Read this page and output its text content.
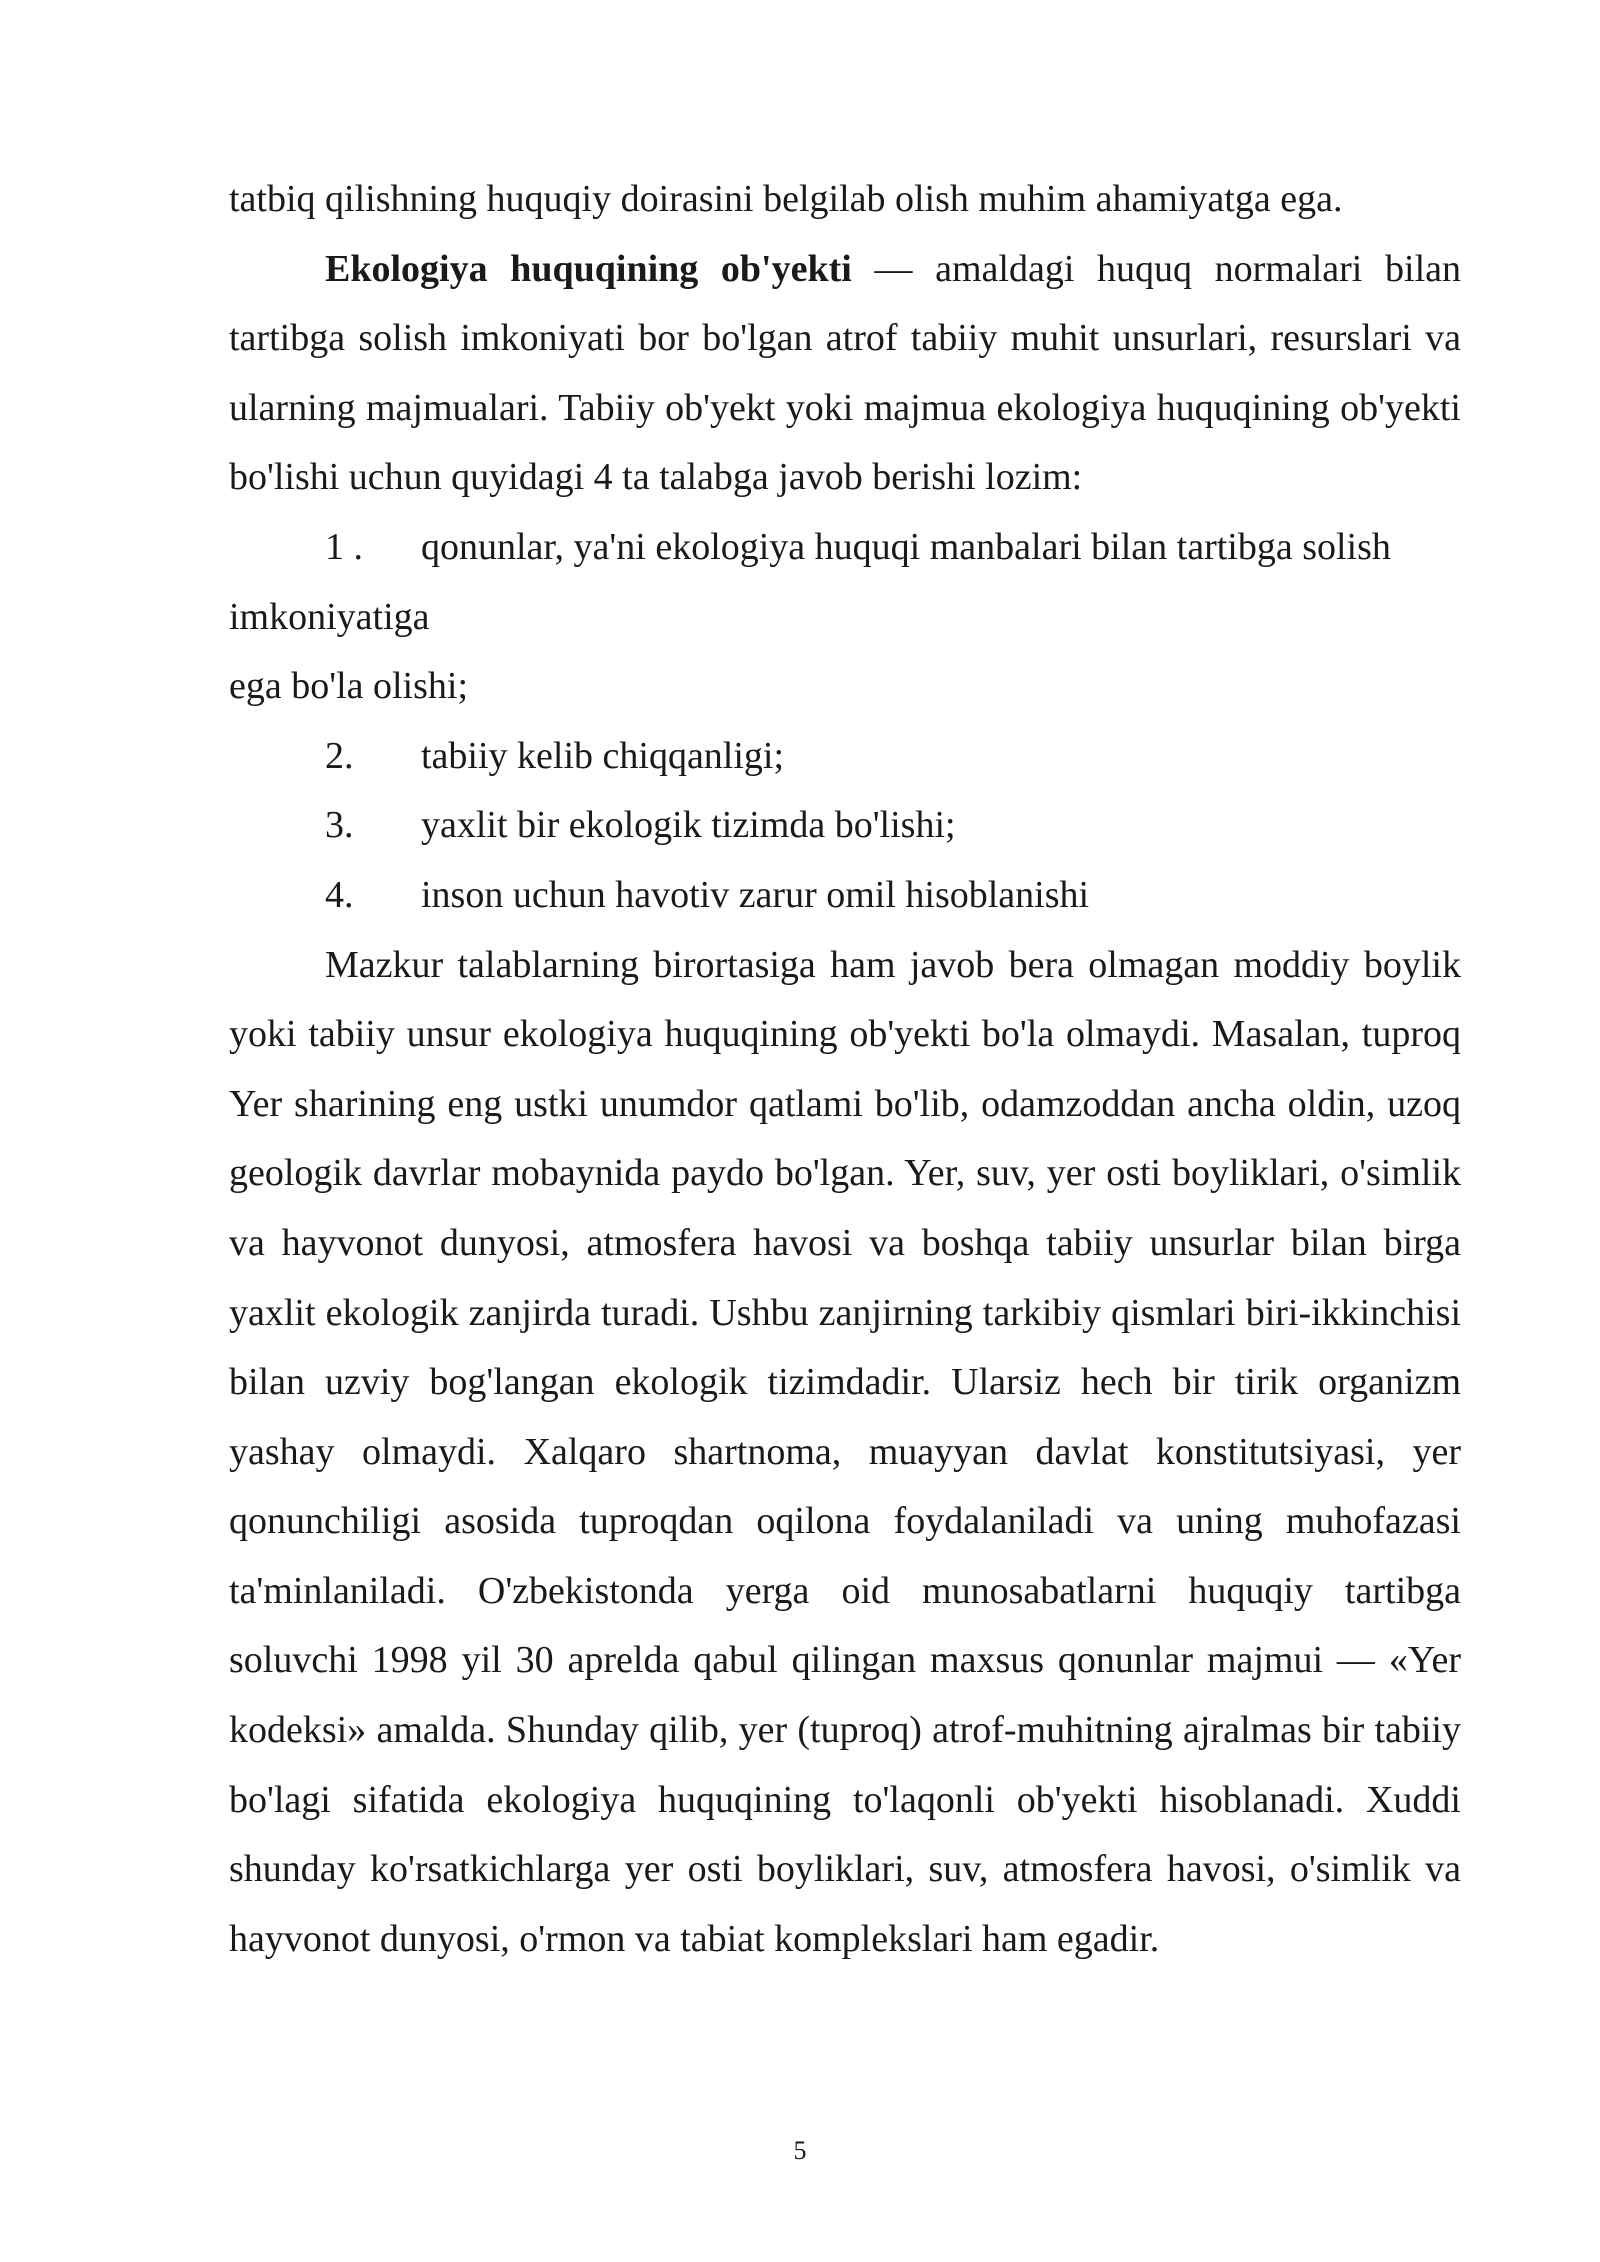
tatbiq qilishning huquqiy doirasini belgilab olish muhim ahamiyatga ega.

Ekologiya huquqining ob'yekti — amaldagi huquq normalari bilan tartibga solish imkoniyati bor bo'lgan atrof tabiiy muhit unsurlari, resurslari va ularning majmualari. Tabiiy ob'yekt yoki majmua ekologiya huquqining ob'yekti bo'lishi uchun quyidagi 4 ta talabga javob berishi lozim:

1 . qonunlar, ya'ni ekologiya huquqi manbalari bilan tartibga solish

imkoniyatiga

ega bo'la olishi;

2. tabiiy kelib chiqqanligi;

3. yaxlit bir ekologik tizimda bo'lishi;

4. inson uchun havotiv zarur omil hisoblanishi

Mazkur talablarning birortasiga ham javob bera olmagan moddiy boylik yoki tabiiy unsur ekologiya huquqining ob'yekti bo'la olmaydi. Masalan, tuproq Yer sharining eng ustki unumdor qatlami bo'lib, odamzoddan ancha oldin, uzoq geologik davrlar mobaynida paydo bo'lgan. Yer, suv, yer osti boyliklari, o'simlik va hayvonot dunyosi, atmosfera havosi va boshqa tabiiy unsurlar bilan birga yaxlit ekologik zanjirda turadi. Ushbu zanjirning tarkibiy qismlari biri-ikkinchisi bilan uzviy bog'langan ekologik tizimdadir. Ularsiz hech bir tirik organizm yashay olmaydi. Xalqaro shartnoma, muayyan davlat konstitutsiyasi, yer qonunchiligi asosida tuproqdan oqilona foydalaniladi va uning muhofazasi ta'minlaniladi. O'zbekistonda yerga oid munosabatlarni huquqiy tartibga soluvchi 1998 yil 30 aprelda qabul qilingan maxsus qonunlar majmui — «Yer kodeksi» amalda. Shunday qilib, yer (tuproq) atrof-muhitning ajralmas bir tabiiy bo'lagi sifatida ekologiya huquqining to'laqonli ob'yekti hisoblanadi. Xuddi shunday ko'rsatkichlarga yer osti boyliklari, suv, atmosfera havosi, o'simlik va hayvonot dunyosi, o'rmon va tabiat komplekslari ham egadir.

5
